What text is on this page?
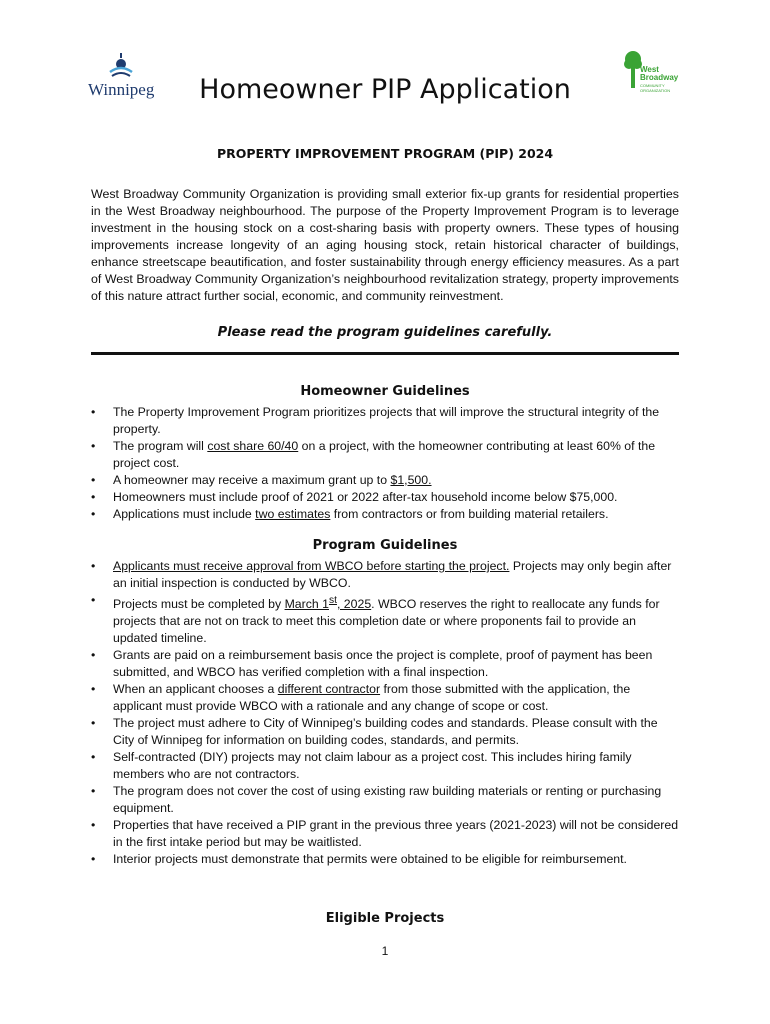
Winnipeg
West
Broadway
COMMUNITY ORGANIZATION
Homeowner PIP Application
PROPERTY IMPROVEMENT PROGRAM (PIP) 2024

West Broadway Community Organization is providing small exterior fix-up grants for residential properties in the West Broadway neighbourhood. The purpose of the Property Improvement Program is to leverage investment in the housing stock on a cost-sharing basis with property owners. These types of housing improvements increase longevity of an aging housing stock, retain historical character of buildings, enhance streetscape beautification, and foster sustainability through energy efficiency measures. As a part of West Broadway Community Organization’s neighbourhood revitalization strategy, property improvements of this nature attract further social, economic, and community reinvestment.

Please read the program guidelines carefully.
Homeowner Guidelines
• The Property Improvement Program prioritizes projects that will improve the structural integrity of the property.
• The program will cost share 60/40 on a project, with the homeowner contributing at least 60% of the project cost.
• A homeowner may receive a maximum grant up to $1,500.
• Homeowners must include proof of 2021 or 2022 after-tax household income below $75,000.
• Applications must include two estimates from contractors or from building material retailers.
Program Guidelines
• Applicants must receive approval from WBCO before starting the project. Projects may only begin after an initial inspection is conducted by WBCO.
• Projects must be completed by March 1st, 2025. WBCO reserves the right to reallocate any funds for projects that are not on track to meet this completion date or where proponents fail to provide an updated timeline.
• Grants are paid on a reimbursement basis once the project is complete, proof of payment has been submitted, and WBCO has verified completion with a final inspection.
• When an applicant chooses a different contractor from those submitted with the application, the applicant must provide WBCO with a rationale and any change of scope or cost.
• The project must adhere to City of Winnipeg’s building codes and standards. Please consult with the City of Winnipeg for information on building codes, standards, and permits.
• Self-contracted (DIY) projects may not claim labour as a project cost. This includes hiring family members who are not contractors.
• The program does not cover the cost of using existing raw building materials or renting or purchasing equipment.
• Properties that have received a PIP grant in the previous three years (2021-2023) will not be considered in the first intake period but may be waitlisted.
• Interior projects must demonstrate that permits were obtained to be eligible for reimbursement.
Eligible Projects
1
